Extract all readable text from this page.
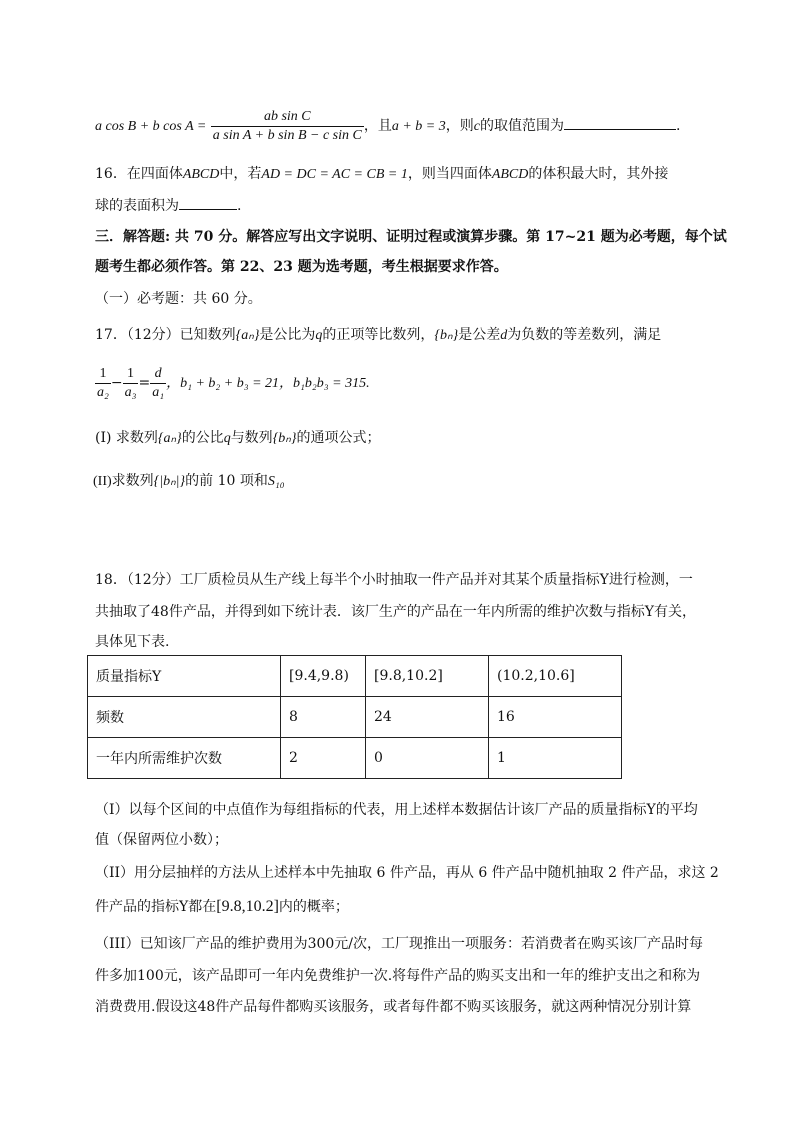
a cos B + b $\cos A = \frac{\text{ab sin C}}{\text{a sin A + b sin B − c sin C}}$ ，且a + b = 3，则c的取值范围为	.
16．在四面体ABCD中，若AD = DC = AC = CB = 1，则当四面体ABCD的体积最大时，其外接
球的表面积为	.
三．解答题: 共 70 分。解答应写出文字说明、证明过程或演算步骤。第 17~21 题为必考题，每个试
题考生都必须作答。第 22、23 题为选考题，考生根据要求作答。
（一）必考题：共 60 分。
17．（12分）已知数列{aₙ}是公比为q的正项等比数列，{bₙ}是公差d为负数的等差数列，满足
$\frac{1}{\text{a₂}} - \frac{1}{\text{a₃}} = \frac{d}{\text{a₁}}$ ，b₁ + b₂ + b₃ = 21，b₁b₂b₃ = 315.
(I) 求数列{aₙ}的公比q与数列{bₙ}的通项公式；
(II)求数列{|bₙ|}的前 10 项和S₁₀
18．（12分）工厂质检员从生产线上每半个小时抽取一件产品并对其某个质量指标Y进行检测，一
共抽取了48件产品，并得到如下统计表．该厂生产的产品在一年内所需的维护次数与指标Y有关，
具体见下表.
质量指标Y	[9.4,9.8)	[9.8,10.2]	(10.2,10.6]
频数	8	24	16
一年内所需维护次数	2	0	1
（I）以每个区间的中点值作为每组指标的代表，用上述样本数据估计该厂产品的质量指标Y的平均
值（保留两位小数）；
（II）用分层抽样的方法从上述样本中先抽取 6 件产品，再从 6 件产品中随机抽取 2 件产品，求这 2
件产品的指标Y都在[9.8,10.2]内的概率；
（III）已知该厂产品的维护费用为300元/次，工厂现推出一项服务：若消费者在购买该厂产品时每
件多加100元，该产品即可一年内免费维护一次.将每件产品的购买支出和一年的维护支出之和称为
消费费用.假设这48件产品每件都购买该服务，或者每件都不购买该服务，就这两种情况分别计算
